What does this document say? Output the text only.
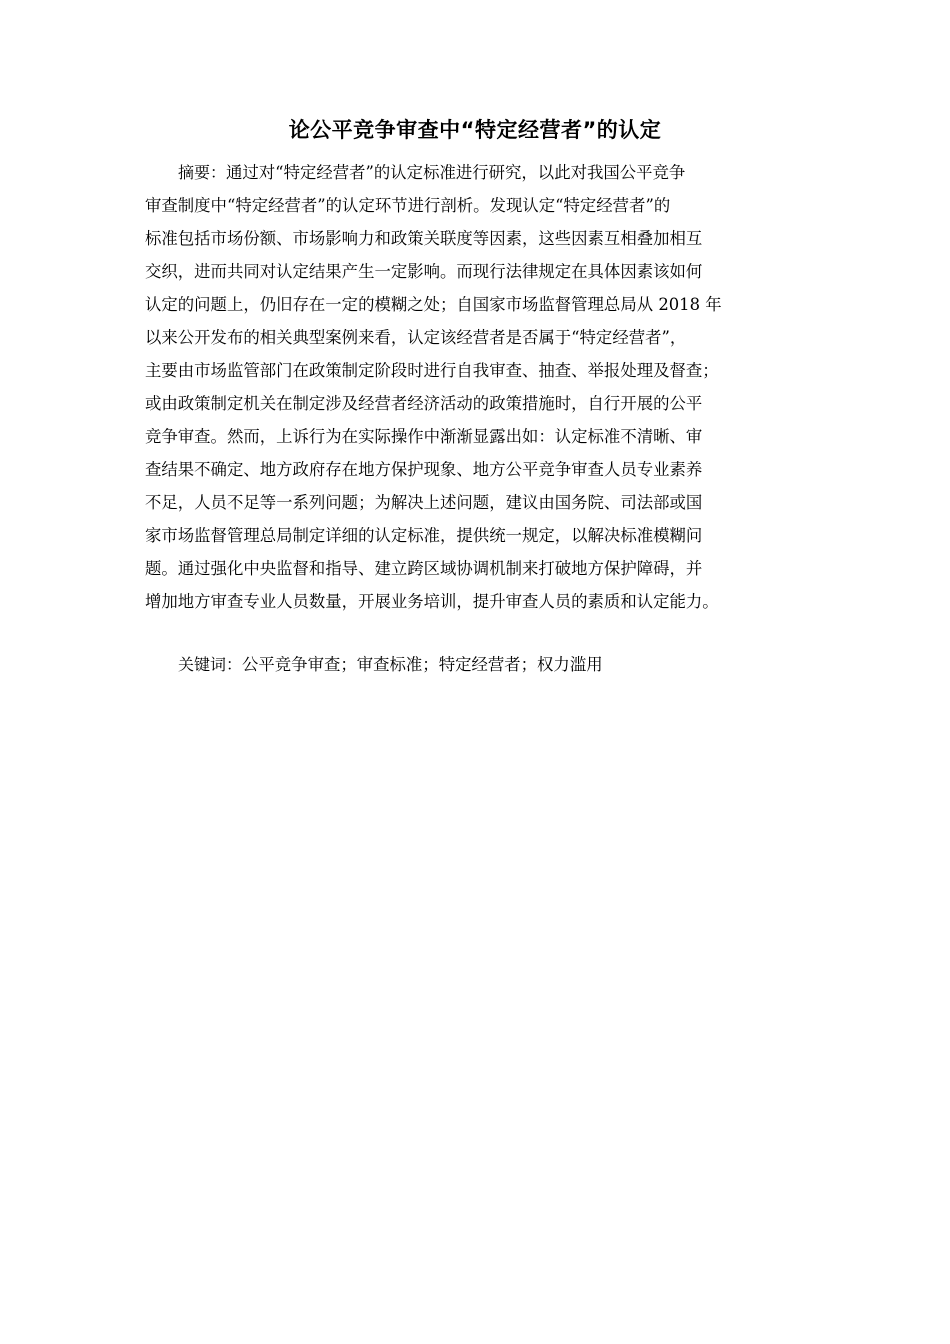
论公平竞争审查中“特定经营者”的认定
摘要：通过对“特定经营者”的认定标准进行研究，以此对我国公平竞争
审查制度中“特定经营者”的认定环节进行剖析。发现认定“特定经营者”的
标准包括市场份额、市场影响力和政策关联度等因素，这些因素互相叠加相互
交织，进而共同对认定结果产生一定影响。而现行法律规定在具体因素该如何
认定的问题上，仍旧存在一定的模糊之处；自国家市场监督管理总局从 2018 年
以来公开发布的相关典型案例来看，认定该经营者是否属于“特定经营者”，
主要由市场监管部门在政策制定阶段时进行自我审查、抽查、举报处理及督查；
或由政策制定机关在制定涉及经营者经济活动的政策措施时，自行开展的公平
竞争审查。然而，上诉行为在实际操作中渐渐显露出如：认定标准不清晰、审
查结果不确定、地方政府存在地方保护现象、地方公平竞争审查人员专业素养
不足，人员不足等一系列问题；为解决上述问题，建议由国务院、司法部或国
家市场监督管理总局制定详细的认定标准，提供统一规定，以解决标准模糊问
题。通过强化中央监督和指导、建立跨区域协调机制来打破地方保护障碍，并
增加地方审查专业人员数量，开展业务培训，提升审查人员的素质和认定能力。
关键词：公平竞争审查；审查标准；特定经营者；权力滥用
